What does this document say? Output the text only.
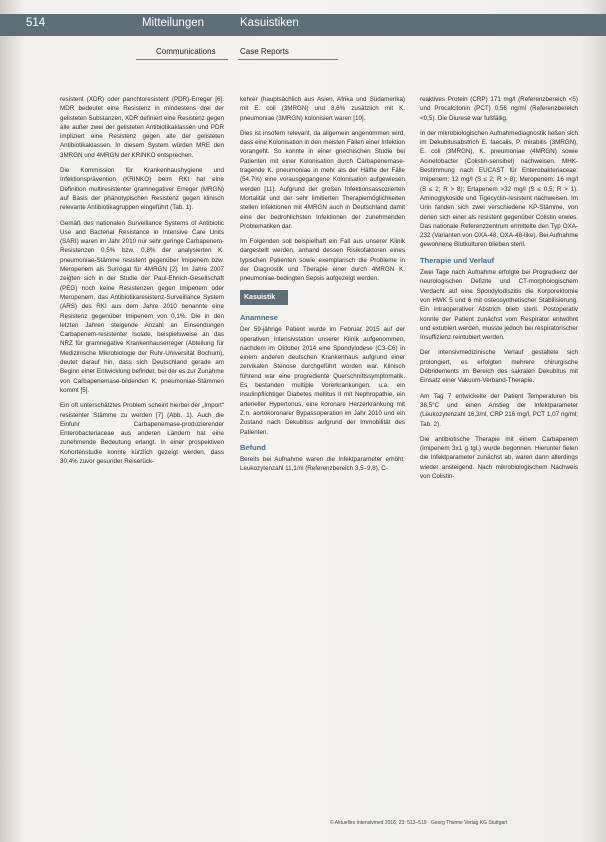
514	Mitteilungen	Kasuistiken
Communications	Case Reports

resistent (XDR) oder panchtoresistent (PDR)-Erreger [6]. MDR bedeutet eine Resistenz in mindestens drei der gelisteten Substanzen, XDR definiert eine Resistenz gegen alle außer zwei der gelisteten Antibiotikaklassen und PDR impliziert eine Resistenz gegen alle der gelisteten Antibiotikaklassen. In diesem System würden MRE den 3MRGN und 4MRGN der KRINKO entsprechen.

Die Kommission für Krankenhaushygiene und Infektionsprävention (KRINKO) beim RKI hat eine Definition multiresistenter gramnegativer Erreger (MRGN) auf Basis der phänotypischen Resistenz gegen klinisch relevante Antibiotikagruppen eingeführt (Tab. 1).

Gemäß des nationalen Surveillance Systems of Antibiotic Use and Bacterial Resistance in Intensive Care Units (SARI) waren im Jahr 2010 nur sehr geringe Carbapenem-Resistenzen 0,5% bzw. 0,8% der analysierten K. pneumoniae-Stämme resistent gegenüber Imipenem bzw. Meropenem als Surrogat für 4MRGN [2]. Im Jahre 2007 zeigten sich in der Studie der Paul-Ehrlich-Gesellschaft (PEG) noch keine Resistenzen gegen Imipenem oder Meropenem, das Antibiotikaresistenz-Surveillance System (ARS) des RKI aus dem Jahre 2010 benannte eine Resistenz gegenüber Imipenem von 0,1%. Die in den letzten Jahren steigende Anzahl an Einsendungen Carbapenem-resistenter Isolate, beispielsweise an das NRZ für gramnegative Krankenhauserreger (Abteilung für Medizinische Mikrobiologie der Ruhr-Universität Bochum), deutet darauf hin, dass sich Deutschland gerade am Beginn einer Entwicklung befindet, bei der es zur Zunahme von Carbapenemase-bildenden K. pneumoniae-Stämmen kommt [5].

Ein oft unterschätztes Problem scheint hierbei der „Import“ resistenter Stämme zu werden [7] (Abb. 1). Auch die Einfuhr Carbapenemase-produzierender Enterobacteriaceae aus anderen Ländern hat eine zunehmende Bedeutung erlangt. In einer prospektiven Kohortenstudie konnte kürzlich gezeigt werden, dass 30,4% zuvor gesunder Reiserück-

kehrer (hauptsächlich aus Asien, Afrika und Südamerika) mit E. coli (3MRGN) und 8,6% zusätzlich mit K. pneumoniae (3MRGN) kolonisiert waren [10].

Dies ist insofern relevant, da allgemein angenommen wird, dass eine Kolonisation in den meisten Fällen einer Infektion vorangeht. So konnte in einer griechischen Studie bei Patienten mit einer Kolonisation durch Carbapenemase-tragende K. pneumoniae in mehr als der Hälfte der Fälle (54,7%) eine vorausgegangene Kolonisation aufgewiesen werden [11]. Aufgrund der großen Infektionsassoziierten Mortalität und der sehr limitierten Therapiemöglichkeiten stellen Infektionen mit 4MRGN auch in Deutschland damit eine der bedrohlichsten Infektionen der zunehmenden Problematiken dar.

Im Folgenden soll beispielhaft ein Fall aus unserer Klinik dargestellt werden, anhand dessen Risikofaktoren eines typischen Patienten sowie exemplarisch die Probleme in der Diagnostik und Therapie einer durch 4MRGN K. pneumoniae-bedingten Sepsis aufgezeigt werden.

Kasuistik
Anamnese

Der 59-jährige Patient wurde im Februar 2015 auf der operativen Intensivstation unserer Klinik aufgenommen, nachdem im Oktober 2014 eine Spondylodese (C3-C6) in einem anderen deutschen Krankenhaus aufgrund einer zervikalen Stenose durchgeführt worden war. Klinisch führend war eine progrediente Querschnittssymptomatik. Es bestanden multiple Vorerkrankungen, u.a. ein insulinpflichtiger Diabetes mellitus II mit Nephropathie, ein arterieller Hypertonus, eine koronare Herzerkrankung mit Z.n. aortokoronarer Bypassoperation im Jahr 2010 und ein Zustand nach Dekubitus aufgrund der Immobilität des Patienten.

Befund

Bereits bei Aufnahme waren die Infektparameter erhöht: Leukozytenzahl 11,1/nl (Referenzbereich 3,5–9,8), C-

reaktives Protein (CRP) 171 mg/l (Referenzbereich <5) und Procalcitonin (PCT) 0,56 ng/ml (Referenzbereich <0,5). Die Diurese war fußfällig.

In der mikrobiologischen Aufnahmediagnostik ließen sich im Dekubitusabstrich E. faecalis, P. mirabilis (3MRGN), E. coli (3MRGN), K. pneumoniae (4MRGN) sowie Acinetobacter (Colistin-sensibel) nachweisen. MHK-Bestimmung nach EUCAST für Enterobakteriaceae: Imipenem: 12 mg/l (S ≤ 2; R > 8); Meropenem: 16 mg/l (S ≤ 2; R > 8); Ertapenem >32 mg/l (S ≤ 0,5; R > 1). Aminoglykoside und Tigecyclin-resistent nachweisen. Im Urin fanden sich zwei verschiedene KP-Stämme, von denen sich einer als resistent gegenüber Colistin erwies. Das nationale Referenzzentrum ermittelte den Typ OXA-232 (Varianten von OXA-48, OXA-48-like). Bei Aufnahme gewonnene Blutkulturen blieben steril.

Therapie und Verlauf

Zwei Tage nach Aufnahme erfolgte bei Progredienz der neurologischen Defizite und CT-morphologischem Verdacht auf eine Spondylodiszitis die Korporektomie von HWK 5 und 6 mit osteosynthetischer Stabilisierung. Ein intraoperativer Abstrich blieb steril. Postoperativ konnte der Patient zunächst vom Respirator entwöhnt und extubiert werden, musste jedoch bei respiratorischer Insuffizienz reintubiert werden.

Der intensivmedizinische Verlauf gestaltete sich prolongiert, es erfolgten mehrere chirurgische Débridements im Bereich des sakralen Dekubitus mit Einsatz einer Vakuum-Verband-Therapie.

Am Tag 7 entwickelte der Patient Temperaturen bis 38,5°C und einen Anstieg der Infektparameter (Leukozytenzahl 16,3/nl, CRP 216 mg/l, PCT 1,07 ng/ml; Tab. 2).

Die antibiotische Therapie mit einem Carbapenem (Imipenem 3x1 g tgl.) wurde begonnen. Hierunter fielen die Infektparameter zunächst ab, waren dann allerdings wieder ansteigend. Nach mikrobiologischem Nachweis von Colistin-

© Aktuelles Intensivmed 2016; 23: 513–519 · Georg Thieme Verlag KG Stuttgart
